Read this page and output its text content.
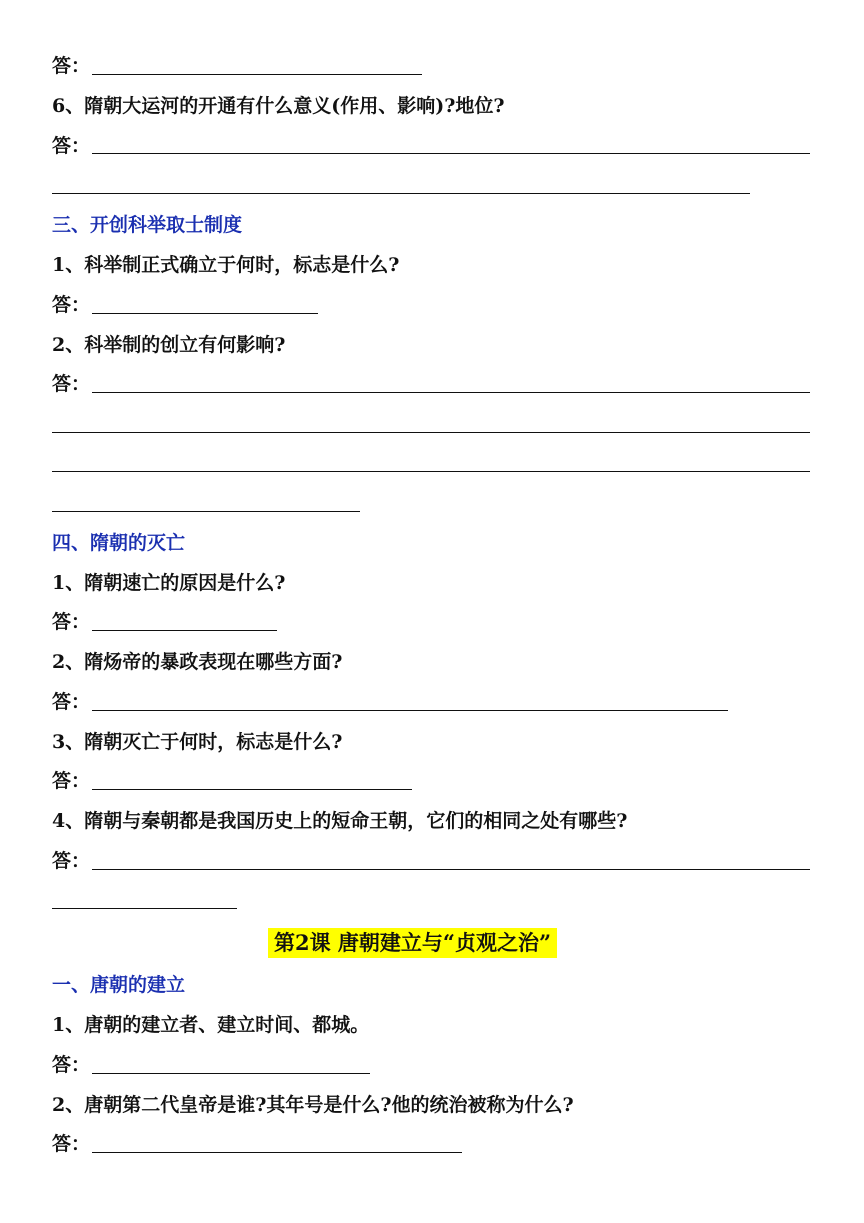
答：
6、隋朝大运河的开通有什么意义(作用、影响)?地位?
答：
三、开创科举取士制度
1、科举制正式确立于何时，标志是什么?
答：
2、科举制的创立有何影响?
答：
四、隋朝的灭亡
1、隋朝速亡的原因是什么?
答：
2、隋炀帝的暴政表现在哪些方面?
答：
3、隋朝灭亡于何时，标志是什么?
答：
4、隋朝与秦朝都是我国历史上的短命王朝，它们的相同之处有哪些?
答：
第2课 唐朝建立与“贞观之治”
一、唐朝的建立
1、唐朝的建立者、建立时间、都城。
答：
2、唐朝第二代皇帝是谁?其年号是什么?他的统治被称为什么?
答：
